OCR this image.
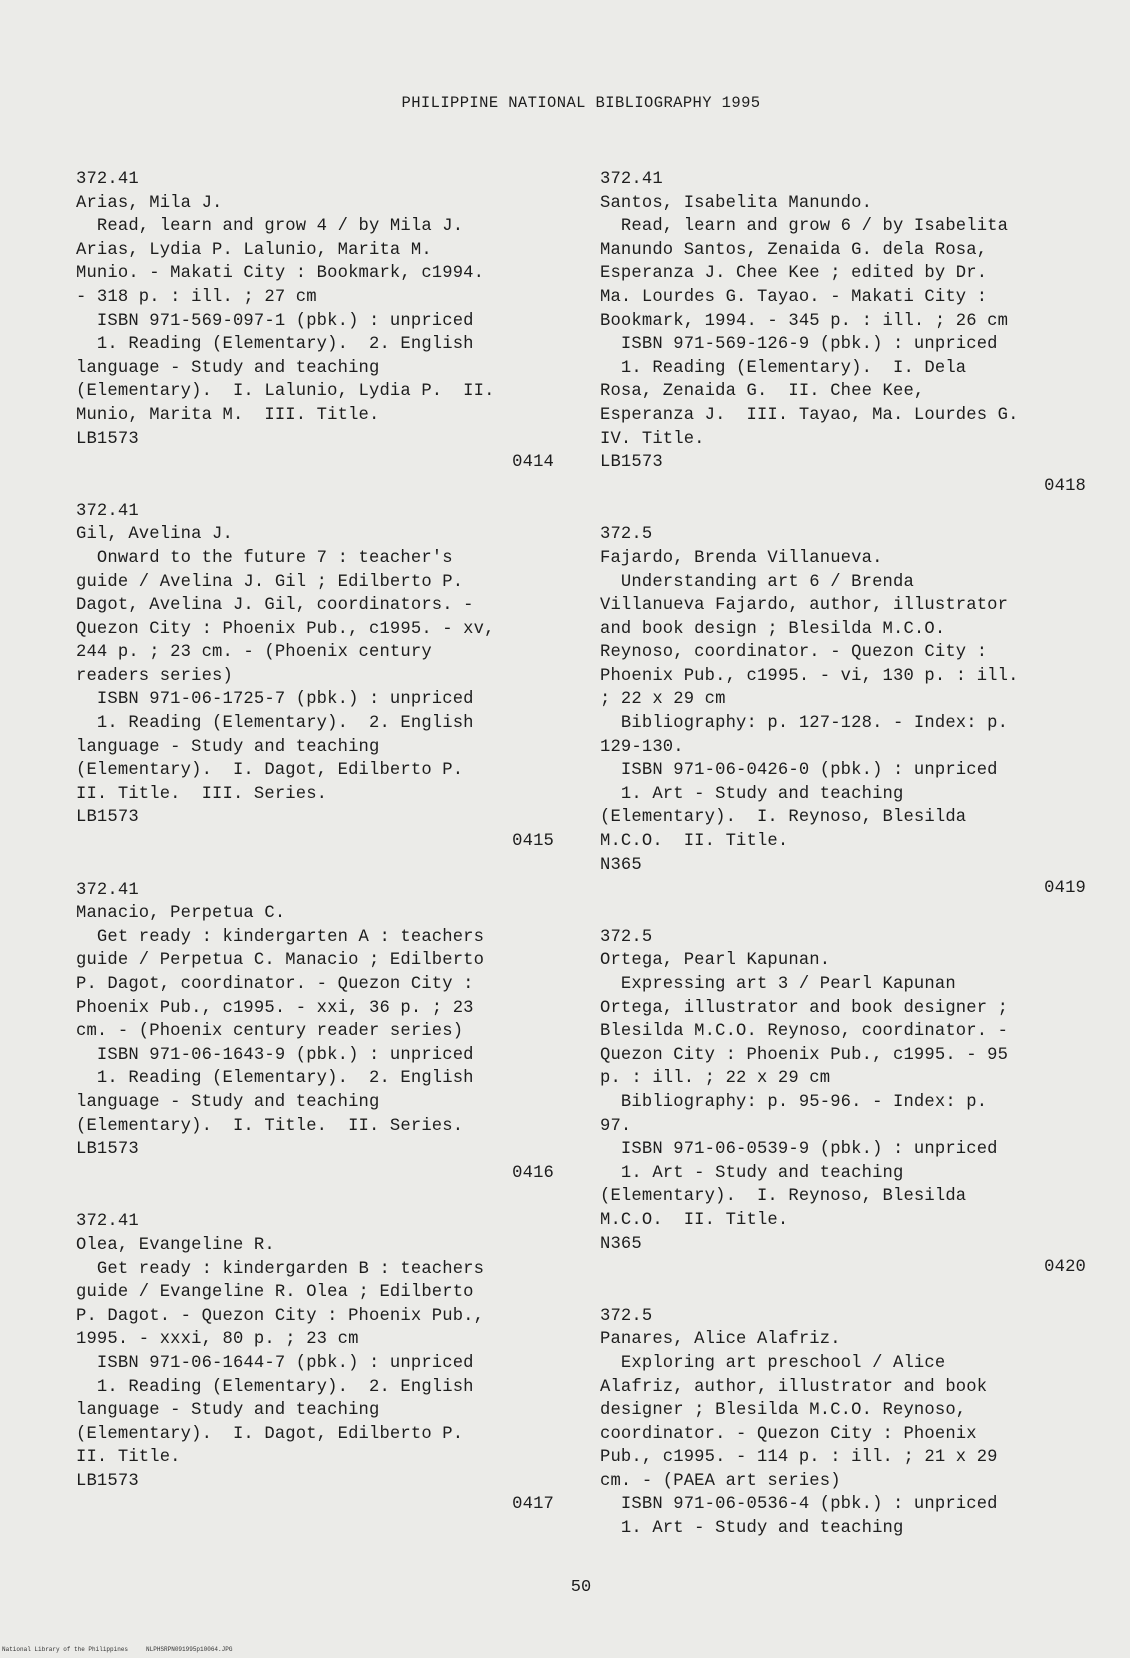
PHILIPPINE NATIONAL BIBLIOGRAPHY 1995
372.41
Arias, Mila J.
Read, learn and grow 4 / by Mila J.
Arias, Lydia P. Lalunio, Marita M.
Munio. - Makati City : Bookmark, c1994.
- 318 p. : ill. ; 27 cm
ISBN 971-569-097-1 (pbk.) : unpriced
1. Reading (Elementary).  2. English
language - Study and teaching
(Elementary).  I. Lalunio, Lydia P.  II.
Munio, Marita M.  III. Title.
LB1573
0414
372.41
Gil, Avelina J.
Onward to the future 7 : teacher's
guide / Avelina J. Gil ; Edilberto P.
Dagot, Avelina J. Gil, coordinators. -
Quezon City : Phoenix Pub., c1995. - xv,
244 p. ; 23 cm. - (Phoenix century
readers series)
ISBN 971-06-1725-7 (pbk.) : unpriced
1. Reading (Elementary).  2. English
language - Study and teaching
(Elementary).  I. Dagot, Edilberto P.
II. Title.  III. Series.
LB1573
0415
372.41
Manacio, Perpetua C.
Get ready : kindergarten A : teachers
guide / Perpetua C. Manacio ; Edilberto
P. Dagot, coordinator. - Quezon City :
Phoenix Pub., c1995. - xxi, 36 p. ; 23
cm. - (Phoenix century reader series)
ISBN 971-06-1643-9 (pbk.) : unpriced
1. Reading (Elementary).  2. English
language - Study and teaching
(Elementary).  I. Title.  II. Series.
LB1573
0416
372.41
Olea, Evangeline R.
Get ready : kindergarden B : teachers
guide / Evangeline R. Olea ; Edilberto
P. Dagot. - Quezon City : Phoenix Pub.,
1995. - xxxi, 80 p. ; 23 cm
ISBN 971-06-1644-7 (pbk.) : unpriced
1. Reading (Elementary).  2. English
language - Study and teaching
(Elementary).  I. Dagot, Edilberto P.
II. Title.
LB1573
0417
372.41
Santos, Isabelita Manundo.
Read, learn and grow 6 / by Isabelita
Manundo Santos, Zenaida G. dela Rosa,
Esperanza J. Chee Kee ; edited by Dr.
Ma. Lourdes G. Tayao. - Makati City :
Bookmark, 1994. - 345 p. : ill. ; 26 cm
ISBN 971-569-126-9 (pbk.) : unpriced
1. Reading (Elementary).  I. Dela
Rosa, Zenaida G.  II. Chee Kee,
Esperanza J.  III. Tayao, Ma. Lourdes G.
IV. Title.
LB1573
0418
372.5
Fajardo, Brenda Villanueva.
Understanding art 6 / Brenda
Villanueva Fajardo, author, illustrator
and book design ; Blesilda M.C.O.
Reynoso, coordinator. - Quezon City :
Phoenix Pub., c1995. - vi, 130 p. : ill.
; 22 x 29 cm
Bibliography: p. 127-128. - Index: p.
129-130.
ISBN 971-06-0426-0 (pbk.) : unpriced
1. Art - Study and teaching
(Elementary).  I. Reynoso, Blesilda
M.C.O.  II. Title.
N365
0419
372.5
Ortega, Pearl Kapunan.
Expressing art 3 / Pearl Kapunan
Ortega, illustrator and book designer ;
Blesilda M.C.O. Reynoso, coordinator. -
Quezon City : Phoenix Pub., c1995. - 95
p. : ill. ; 22 x 29 cm
Bibliography: p. 95-96. - Index: p.
97.
ISBN 971-06-0539-9 (pbk.) : unpriced
1. Art - Study and teaching
(Elementary).  I. Reynoso, Blesilda
M.C.O.  II. Title.
N365
0420
372.5
Panares, Alice Alafriz.
Exploring art preschool / Alice
Alafriz, author, illustrator and book
designer ; Blesilda M.C.O. Reynoso,
coordinator. - Quezon City : Phoenix
Pub., c1995. - 114 p. : ill. ; 21 x 29
cm. - (PAEA art series)
ISBN 971-06-0536-4 (pbk.) : unpriced
1. Art - Study and teaching
50
National Library of the Philippines     NLPHSRPN091995p10064.JPG
